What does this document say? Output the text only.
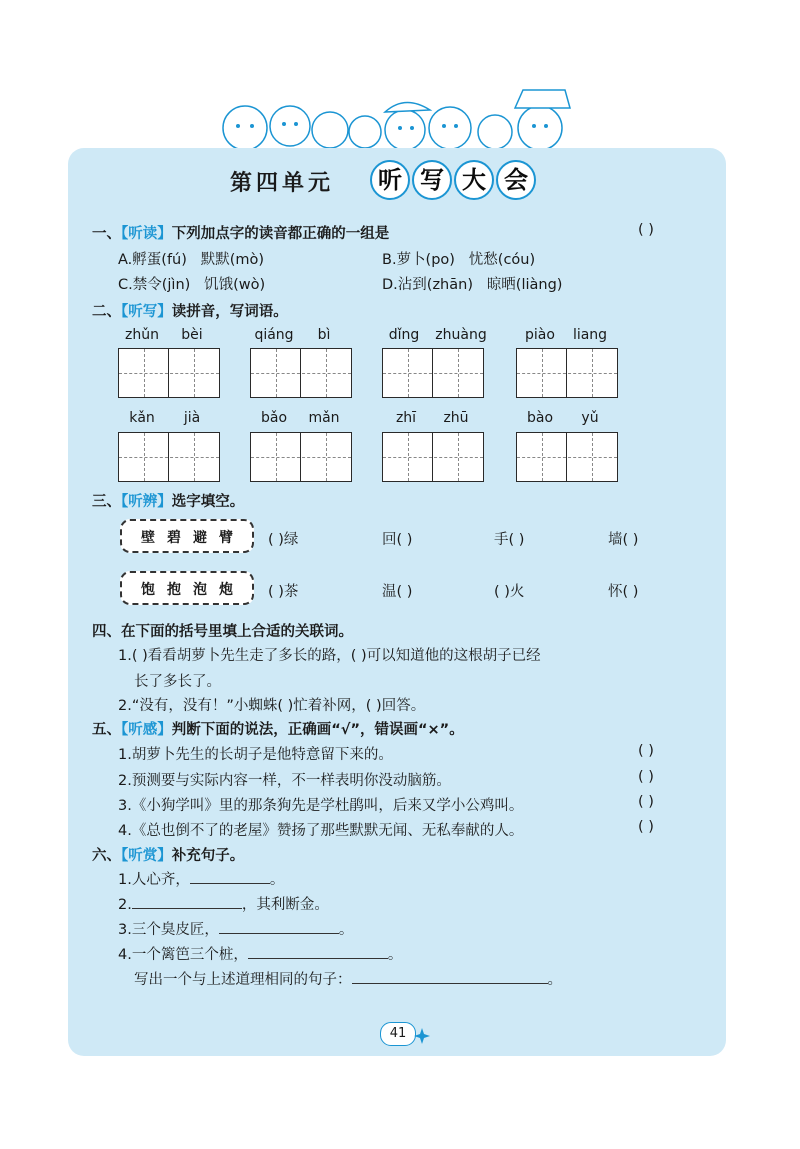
第四单元	听 写 大 会
一、【听读】下列加点字的读音都正确的一组是	( )
A.孵蛋(fú) 默默(mò)	B.萝卜(po) 忧愁(cóu)
C.禁令(jìn) 饥饿(wò)	D.沾到(zhān) 晾晒(liàng)
二、【听写】读拼音，写词语。
zhǔn	bèi	qiáng	bì	dǐng	zhuàng	piào	liang
kǎn	jià	bǎo	mǎn	zhī	zhū	bào	yǔ
三、【听辨】选字填空。
壁碧避臂	( )绿	回( )	手( )	墙( )
饱抱泡炮	( )茶	温( )	( )火	怀( )
四、在下面的括号里填上合适的关联词。
1.( )看看胡萝卜先生走了多长的路，( )可以知道他的这根胡子已经
长了多长了。
2.“没有，没有！”小蜘蛛( )忙着补网，( )回答。
五、【听感】判断下面的说法，正确画“√”，错误画“×”。
1.胡萝卜先生的长胡子是他特意留下来的。	( )
2.预测要与实际内容一样，不一样表明你没动脑筋。	( )
3.《小狗学叫》里的那条狗先是学杜鹃叫，后来又学小公鸡叫。	( )
4.《总也倒不了的老屋》赞扬了那些默默无闻、无私奉献的人。	( )
六、【听赏】补充句子。
1.人心齐，	。
2.	，其利断金。
3.三个臭皮匠，	。
4.一个篱笆三个桩，	。
写出一个与上述道理相同的句子：	。
41
